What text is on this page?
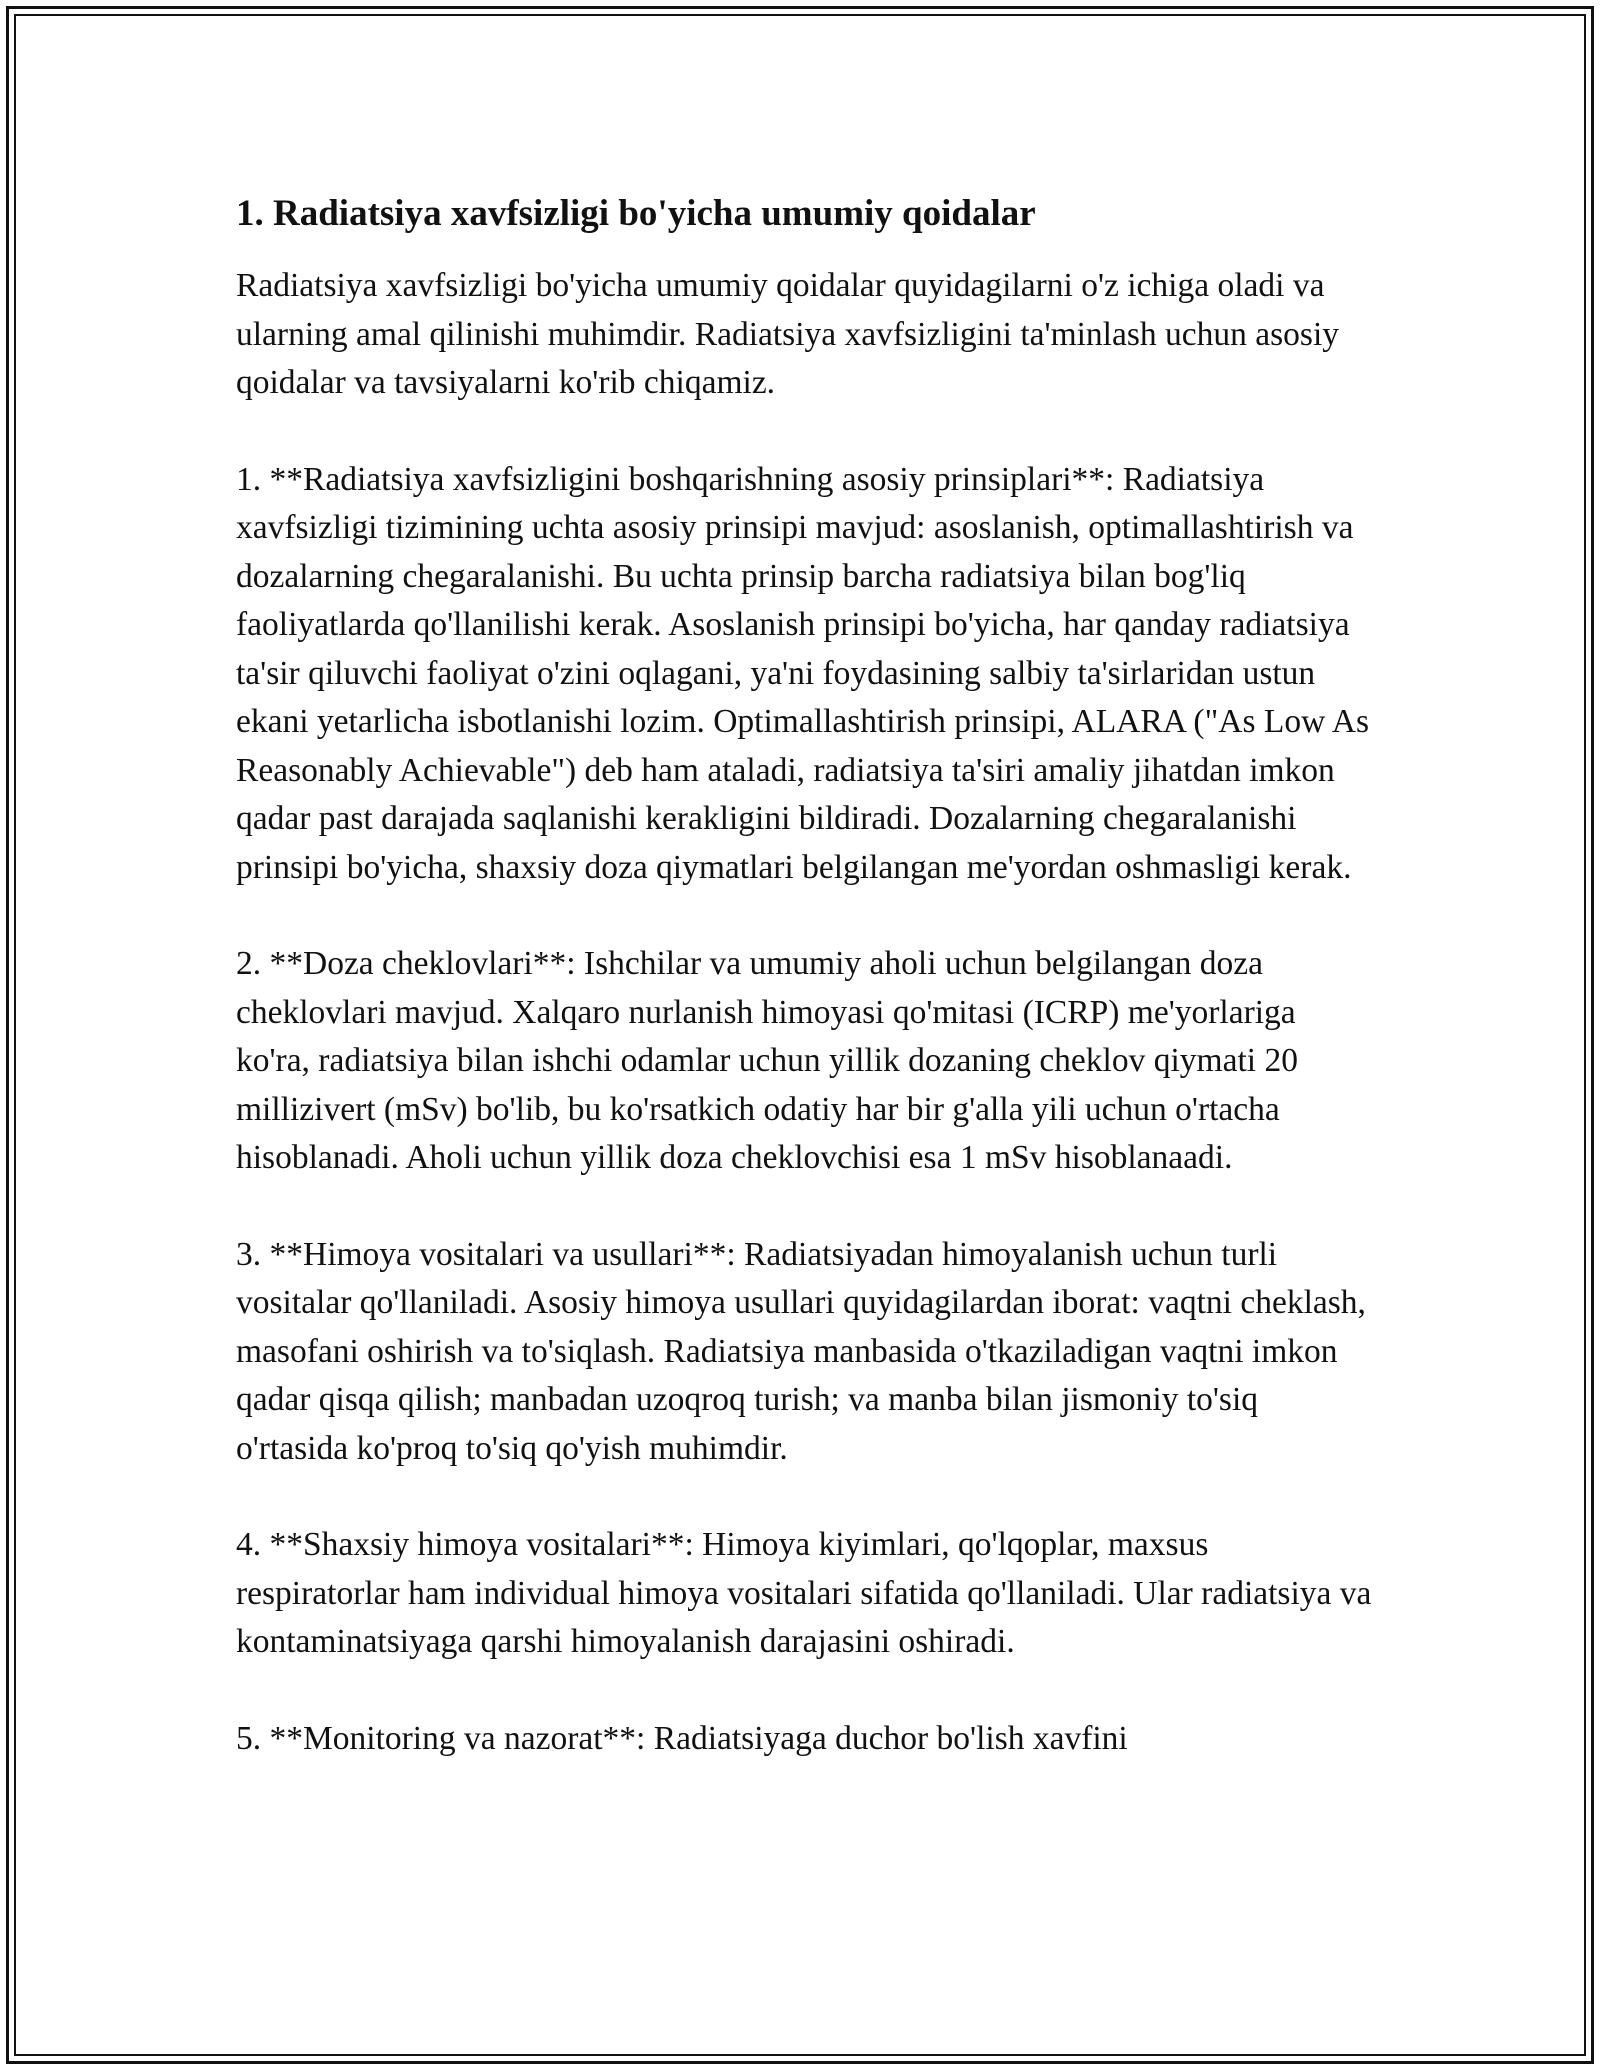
1. Radiatsiya xavfsizligi bo'yicha umumiy qoidalar

Radiatsiya xavfsizligi bo'yicha umumiy qoidalar quyidagilarni o'z ichiga oladi va ularning amal qilinishi muhimdir. Radiatsiya xavfsizligini ta'minlash uchun asosiy qoidalar va tavsiyalarni ko'rib chiqamiz.

1. **Radiatsiya xavfsizligini boshqarishning asosiy prinsiplari**: Radiatsiya xavfsizligi tizimining uchta asosiy prinsipi mavjud: asoslanish, optimallashtirish va dozalarning chegaralanishi. Bu uchta prinsip barcha radiatsiya bilan bog'liq faoliyatlarda qo'llanilishi kerak. Asoslanish prinsipi bo'yicha, har qanday radiatsiya ta'sir qiluvchi faoliyat o'zini oqlagani, ya'ni foydasining salbiy ta'sirlaridan ustun ekani yetarlicha isbotlanishi lozim. Optimallashtirish prinsipi, ALARA ("As Low As Reasonably Achievable") deb ham ataladi, radiatsiya ta'siri amaliy jihatdan imkon qadar past darajada saqlanishi kerakligini bildiradi. Dozalarning chegaralanishi prinsipi bo'yicha, shaxsiy doza qiymatlari belgilangan me'yordan oshmasligi kerak.

2. **Doza cheklovlari**: Ishchilar va umumiy aholi uchun belgilangan doza cheklovlari mavjud. Xalqaro nurlanish himoyasi qo'mitasi (ICRP) me'yorlariga ko'ra, radiatsiya bilan ishchi odamlar uchun yillik dozaning cheklov qiymati 20 millizivert (mSv) bo'lib, bu ko'rsatkich odatiy har bir g'alla yili uchun o'rtacha hisoblanadi. Aholi uchun yillik doza cheklovchisi esa 1 mSv hisoblanaadi.

3. **Himoya vositalari va usullari**: Radiatsiyadan himoyalanish uchun turli vositalar qo'llaniladi. Asosiy himoya usullari quyidagilardan iborat: vaqtni cheklash, masofani oshirish va to'siqlash. Radiatsiya manbasida o'tkaziladigan vaqtni imkon qadar qisqa qilish; manbadan uzoqroq turish; va manba bilan jismoniy to'siq o'rtasida ko'proq to'siq qo'yish muhimdir.

4. **Shaxsiy himoya vositalari**: Himoya kiyimlari, qo'lqoplar, maxsus respiratorlar ham individual himoya vositalari sifatida qo'llaniladi. Ular radiatsiya va kontaminatsiyaga qarshi himoyalanish darajasini oshiradi.

5. **Monitoring va nazorat**: Radiatsiyaga duchor bo'lish xavfini
